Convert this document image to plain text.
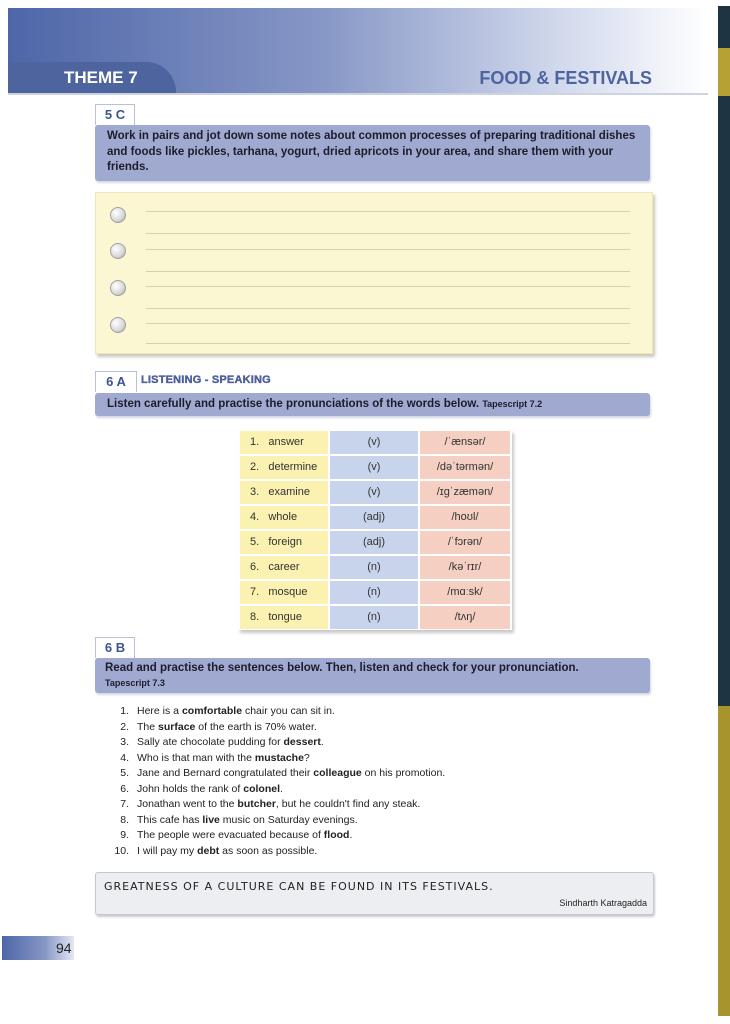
THEME 7	FOOD & FESTIVALS
5 C
Work in pairs and jot down some notes about common processes of preparing traditional dishes and foods like pickles, tarhana, yogurt, dried apricots in your area, and share them with your friends.
6 A	LISTENING - SPEAKING
Listen carefully and practise the pronunciations of the words below. Tapescript 7.2
1. answer	(v)	/ˈænsər/
2. determine	(v)	/dəˈtərmən/
3. examine	(v)	/ɪgˈzæmən/
4. whole	(adj)	/hoʊl/
5. foreign	(adj)	/ˈfɔrən/
6. career	(n)	/kəˈrɪr/
7. mosque	(n)	/mɑːsk/
8. tongue	(n)	/tʌŋ/
6 B
Read and practise the sentences below. Then, listen and check for your pronunciation.
Tapescript 7.3
1. Here is a comfortable chair you can sit in.
2. The surface of the earth is 70% water.
3. Sally ate chocolate pudding for dessert.
4. Who is that man with the mustache?
5. Jane and Bernard congratulated their colleague on his promotion.
6. John holds the rank of colonel.
7. Jonathan went to the butcher, but he couldn't find any steak.
8. This cafe has live music on Saturday evenings.
9. The people were evacuated because of flood.
10. I will pay my debt as soon as possible.
GREATNESS OF A CULTURE CAN BE FOUND IN ITS FESTIVALS.
Sindharth Katragadda
94
